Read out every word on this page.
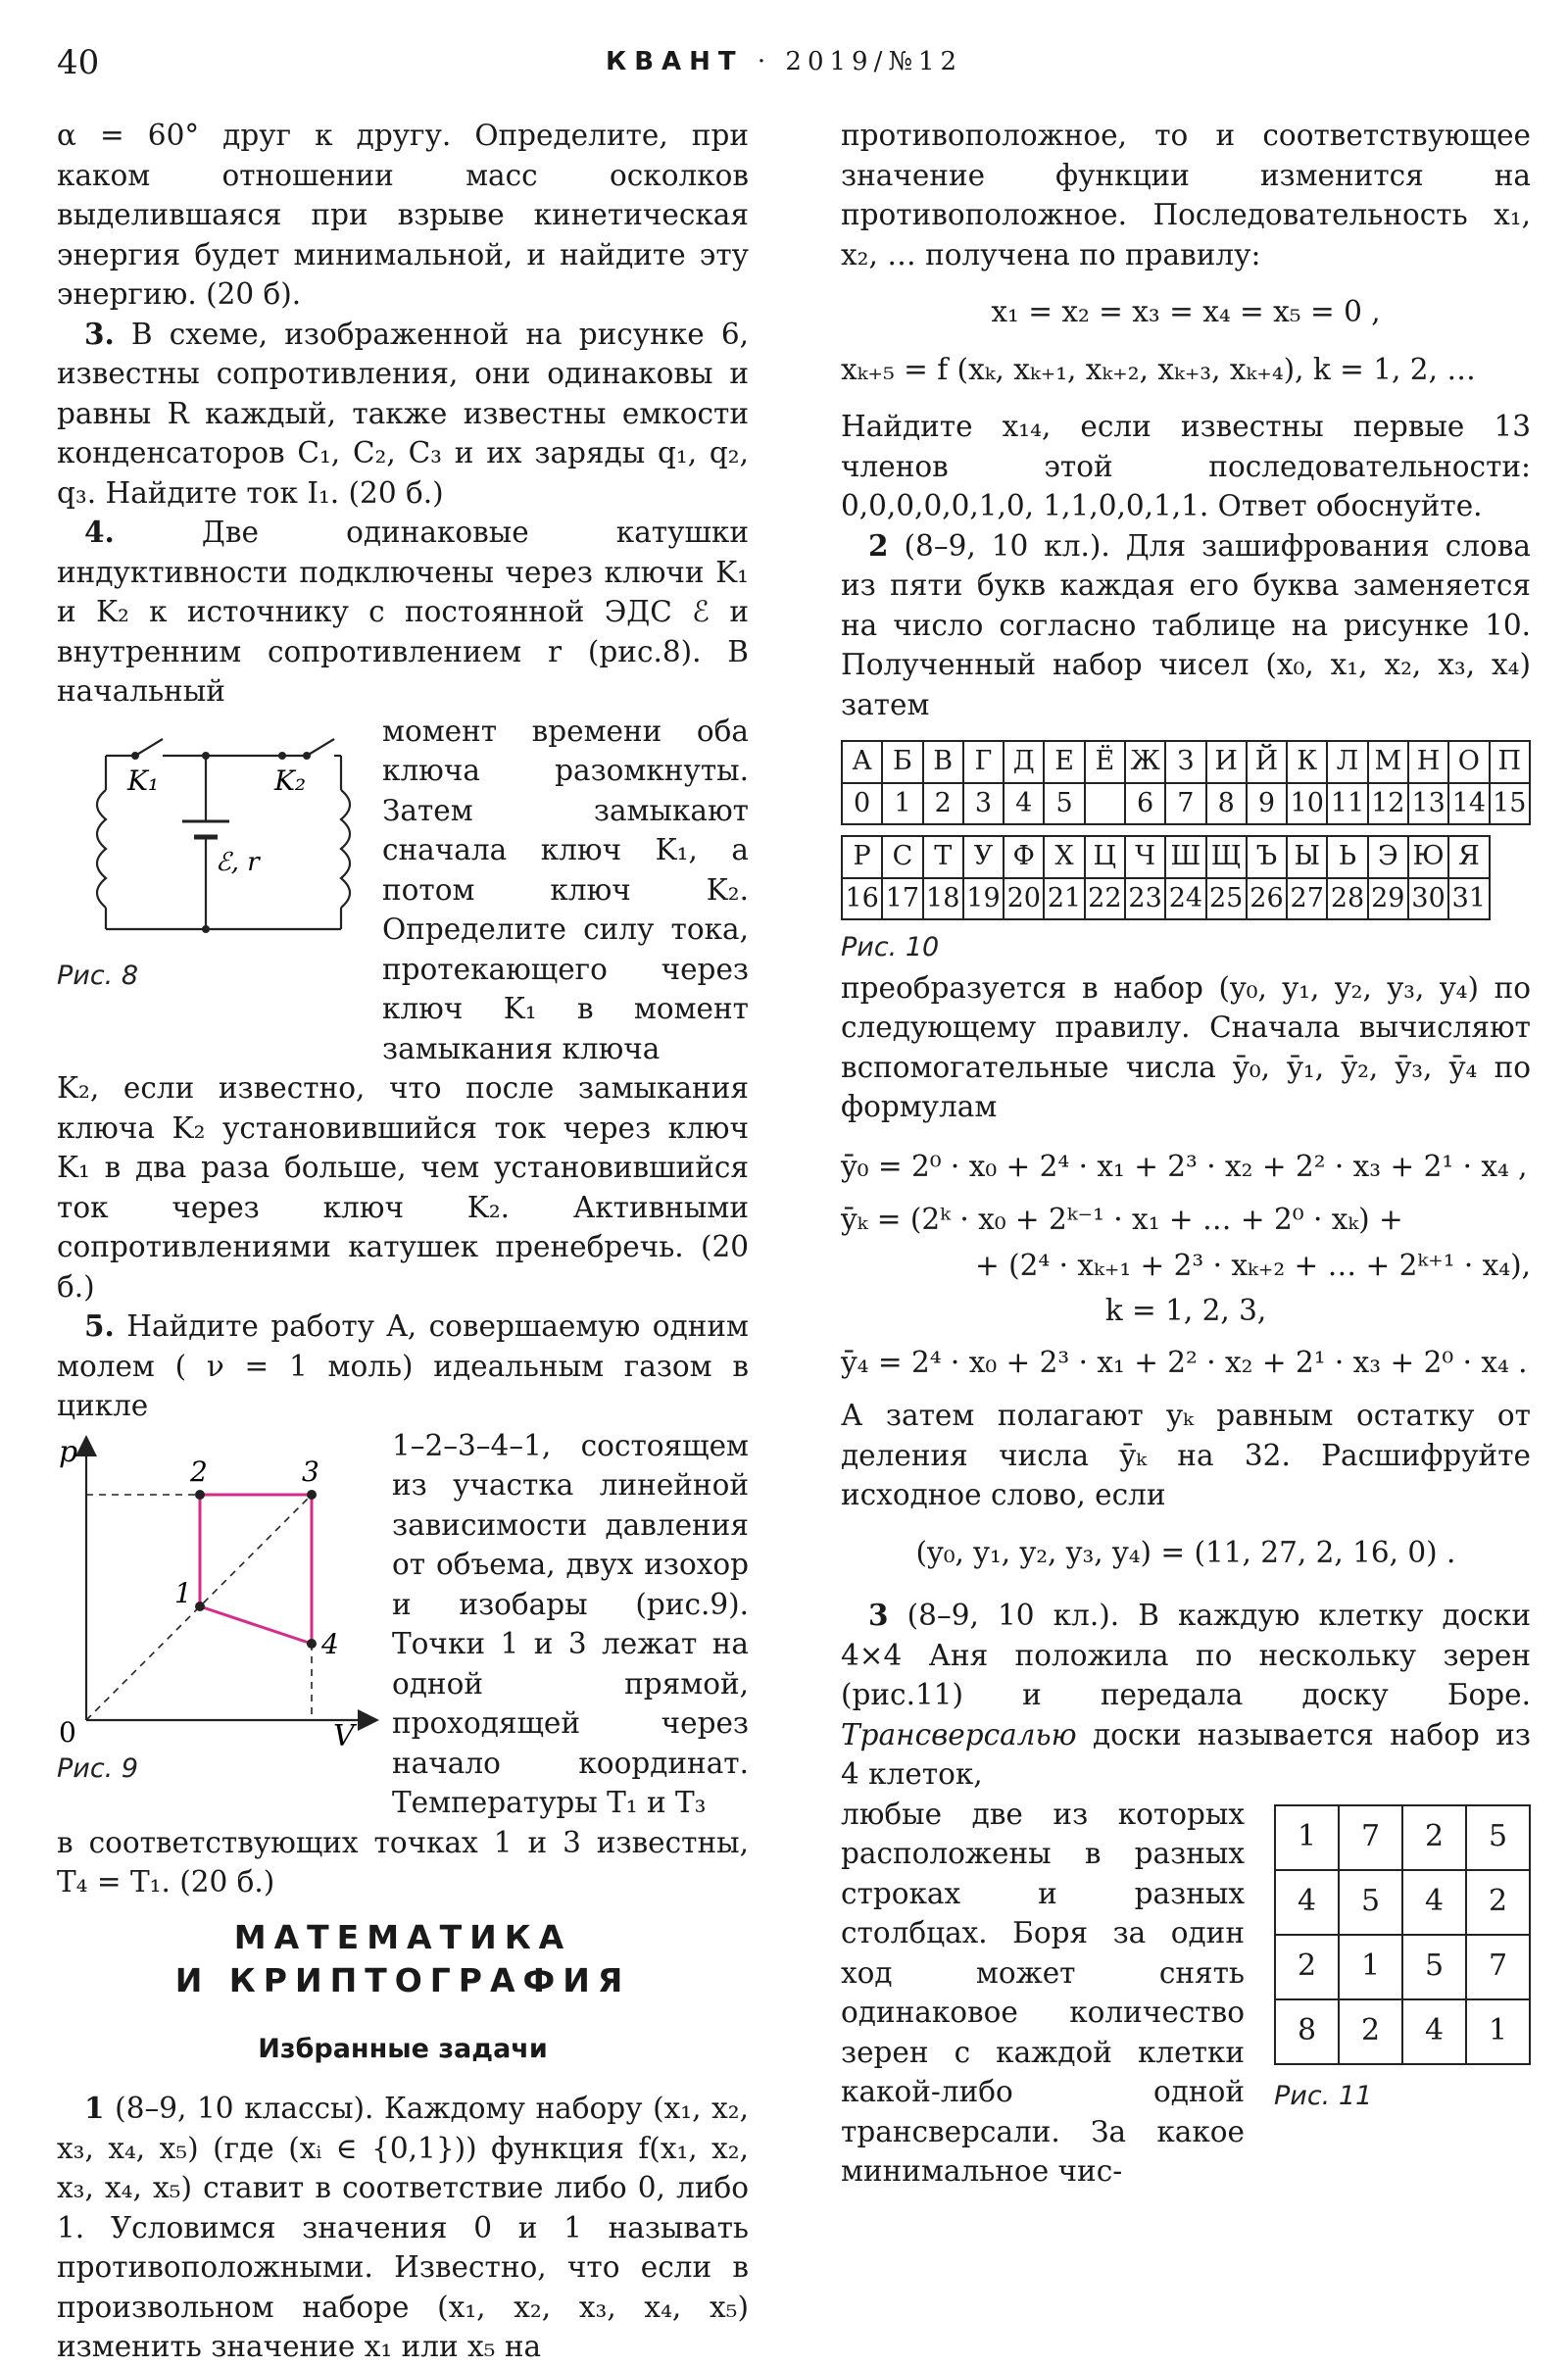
40	КВАНТ · 2019/№12

α = 60° друг к другу. Определите, при каком отношении масс осколков выделившаяся при взрыве кинетическая энергия будет минимальной, и найдите эту энергию. (20 б).

3. В схеме, изображенной на рисунке 6, известны сопротивления, они одинаковы и равны R каждый, также известны емкости конденсаторов C₁, C₂, C₃ и их заряды q₁, q₂, q₃. Найдите ток I₁. (20 б.)

4. Две одинаковые катушки индуктивности подключены через ключи K₁ и K₂ к источнику с постоянной ЭДС ℰ и внутренним сопротивлением r (рис.8). В начальный

K₁	K₂
ℰ, r
Рис. 8

момент времени оба ключа разомкнуты. Затем замыкают сначала ключ K₁, а потом ключ K₂. Определите силу тока, протекающего через ключ K₁ в момент замыкания ключа

K₂, если известно, что после замыкания ключа K₂ установившийся ток через ключ K₁ в два раза больше, чем установившийся ток через ключ K₂. Активными сопротивлениями катушек пренебречь. (20 б.)

5. Найдите работу A, совершаемую одним молем ( ν = 1 моль) идеальным газом в цикле

p
V
0
1
2	3
4
Рис. 9

1–2–3–4–1, состоящем из участка линейной зависимости давления от объема, двух изохор и изобары (рис.9). Точки 1 и 3 лежат на одной прямой, проходящей через начало координат. Температуры T₁ и T₃

в соответствующих точках 1 и 3 известны, T₄ = T₁. (20 б.)

МАТЕМАТИКА
И КРИПТОГРАФИЯ
Избранные задачи

1 (8–9, 10 классы). Каждому набору (x₁, x₂, x₃, x₄, x₅) (где (xᵢ ∈ {0,1})) функция f(x₁, x₂, x₃, x₄, x₅) ставит в соответствие либо 0, либо 1. Условимся значения 0 и 1 называть противоположными. Известно, что если в произвольном наборе (x₁, x₂, x₃, x₄, x₅) изменить значение x₁ или x₅ на

противоположное, то и соответствующее значение функции изменится на противоположное. Последовательность x₁, x₂, … получена по правилу:

x₁ = x₂ = x₃ = x₄ = x₅ = 0 ,

xₖ₊₅ = f (xₖ, xₖ₊₁, xₖ₊₂, xₖ₊₃, xₖ₊₄), k = 1, 2, …

Найдите x₁₄, если известны первые 13 членов этой последовательности: 0,0,0,0,0,1,0, 1,1,0,0,1,1. Ответ обоснуйте.

2 (8–9, 10 кл.). Для зашифрования слова из пяти букв каждая его буква заменяется на число согласно таблице на рисунке 10. Полученный набор чисел (x₀, x₁, x₂, x₃, x₄) затем

А	Б	В	Г	Д	Е	Ё	Ж	З	И	Й	К	Л	М	Н	О	П
0	1	2	3	4	5		6	7	8	9	10	11	12	13	14	15

Р	С	Т	У	Ф	Х	Ц	Ч	Ш	Щ	Ъ	Ы	Ь	Э	Ю	Я	
16	17	18	19	20	21	22	23	24	25	26	27	28	29	30	31	
Рис. 10

преобразуется в набор (y₀, y₁, y₂, y₃, y₄) по следующему правилу. Сначала вычисляют вспомогательные числа ȳ₀, ȳ₁, ȳ₂, ȳ₃, ȳ₄ по формулам

ȳ₀ = 2⁰ · x₀ + 2⁴ · x₁ + 2³ · x₂ + 2² · x₃ + 2¹ · x₄ ,

ȳₖ = (2ᵏ · x₀ + 2ᵏ⁻¹ · x₁ + … + 2⁰ · xₖ) +

+ (2⁴ · xₖ₊₁ + 2³ · xₖ₊₂ + … + 2ᵏ⁺¹ · x₄),

k = 1, 2, 3,

ȳ₄ = 2⁴ · x₀ + 2³ · x₁ + 2² · x₂ + 2¹ · x₃ + 2⁰ · x₄ .

А затем полагают yₖ равным остатку от деления числа ȳₖ на 32. Расшифруйте исходное слово, если

(y₀, y₁, y₂, y₃, y₄) = (11, 27, 2, 16, 0) .

3 (8–9, 10 кл.). В каждую клетку доски 4×4 Аня положила по нескольку зерен (рис.11) и передала доску Боре. Трансверсалью доски называется набор из 4 клеток,

любые две из которых расположены в разных строках и разных столбцах. Боря за один ход может снять одинаковое количество зерен с каждой клетки какой-либо одной трансверсали. За какое минимальное чис-

1	7	2	5
4	5	4	2
2	1	5	7
8	2	4	1
Рис. 11
